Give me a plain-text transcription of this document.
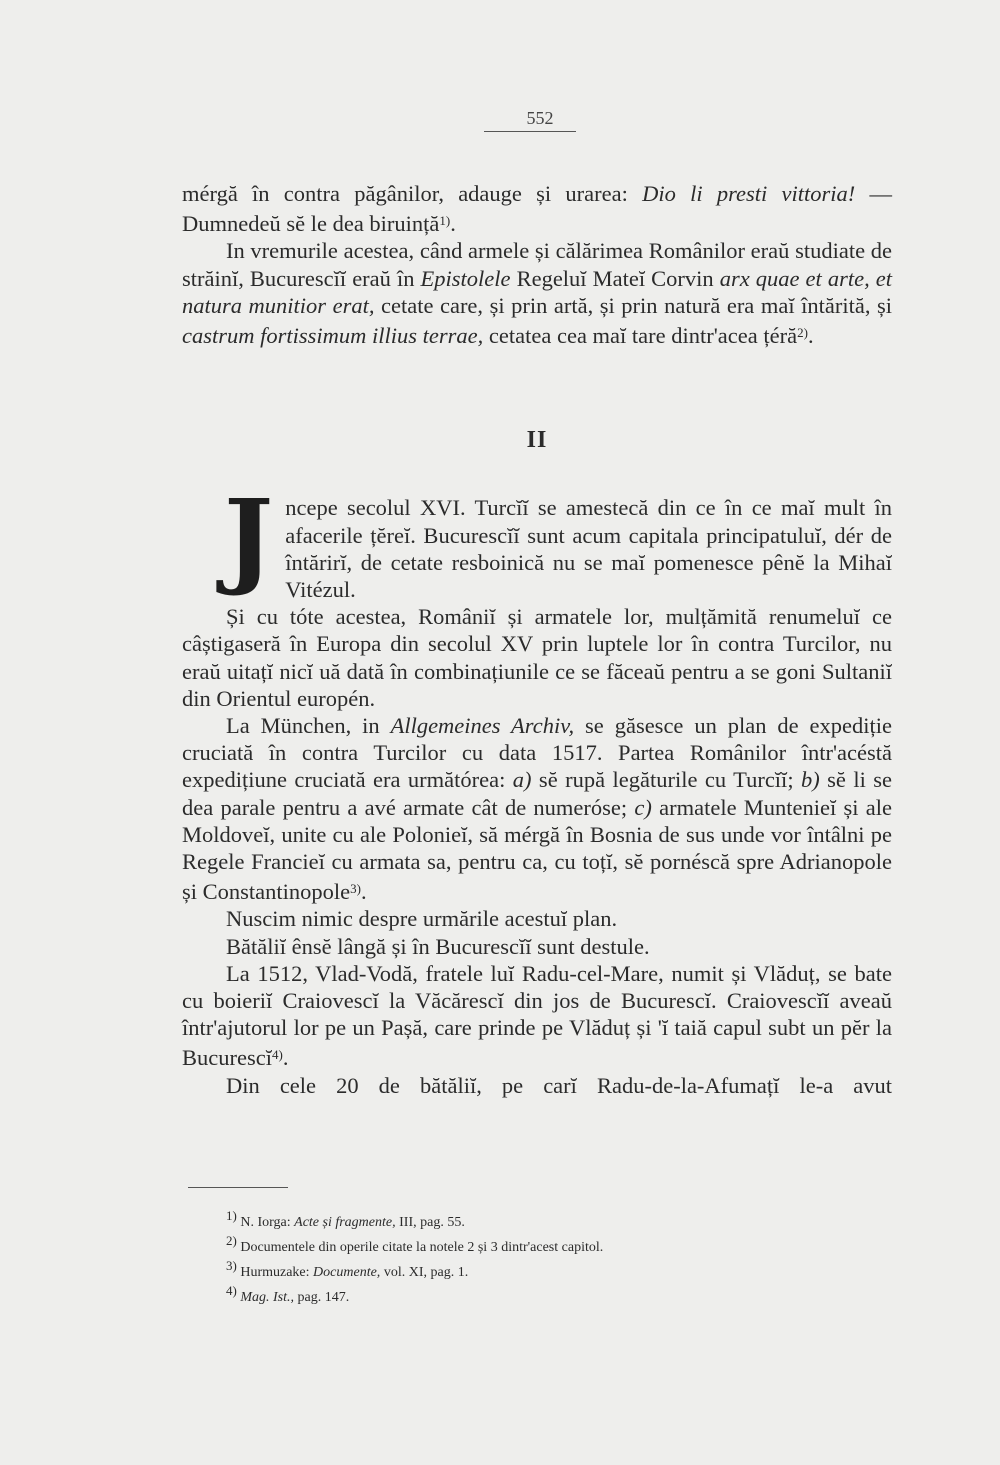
552

mérgă în contra păgânilor, adauge și urarea: Dio li presti vittoria! — Dumnedeŭ sĕ le dea biruință$^{1)}$.

In vremurile acestea, când armele și călărimea Românilor eraŭ studiate de străinĭ, Bucurescĭĭ eraŭ în Epistolele Regeluĭ Mateĭ Corvin arx quae et arte, et natura munitior erat, cetate care, și prin artă, și prin natură era maĭ întărită, și castrum fortissimum illius terrae, cetatea cea maĭ tare dintr'acea țéră$^{2)}$.

II

Jncepe secolul XVI. Turcĭĭ se amestecă din ce în ce maĭ mult în afacerile țĕreĭ. Bucurescĭĭ sunt acum capitala principatuluĭ, dér de întărirĭ, de cetate resboinică nu se maĭ pomenesce pênĕ la Mihaĭ Vitézul.

Și cu tóte acestea, Româniĭ și armatele lor, mulțămită renumeluĭ ce câștigaseră în Europa din secolul XV prin luptele lor în contra Turcilor, nu eraŭ uitațĭ nicĭ uă dată în combinațiunile ce se făceaŭ pentru a se goni Sultaniĭ din Orientul europén.

La München, in Allgemeines Archiv, se găsesce un plan de expediție cruciată în contra Turcilor cu data 1517. Partea Românilor într'acéstă expedițiune cruciată era următórea: a) sĕ rupă legăturile cu Turcĭĭ; b) sĕ li se dea parale pentru a avé armate cât de numeróse; c) armatele Munteniеĭ și ale Moldoveĭ, unite cu ale Polonieĭ, să mérgă în Bosnia de sus unde vor întâlni pe Regele Francieĭ cu armata sa, pentru ca, cu toțĭ, sĕ pornéscă spre Adrianopole și Constantinopole$^{3)}$.

Nuscim nimic despre urmările acestuĭ plan.

Bătăliĭ ênsĕ lângă și în Bucurescĭĭ sunt destule.

La 1512, Vlad-Vodă, fratele luĭ Radu-cel-Mare, numit și Vlăduț, se bate cu boieriĭ Craiovescĭ la Văcărescĭ din jos de Bucurescĭ. Craiovescĭĭ aveaŭ într'ajutorul lor pe un Pașă, care prinde pe Vlăduț și 'ĭ taiă capul subt un pĕr la Bucurescĭ$^{4)}$.

Din cele 20 de bătăliĭ, pe carĭ Radu-de-la-Afumațĭ le-a avut

1) N. Iorga: Acte și fragmente, III, pag. 55.
2) Documentele din operile citate la notele 2 și 3 dintr'acest capitol.
3) Hurmuzake: Documente, vol. XI, pag. 1.
4) Mag. Ist., pag. 147.
